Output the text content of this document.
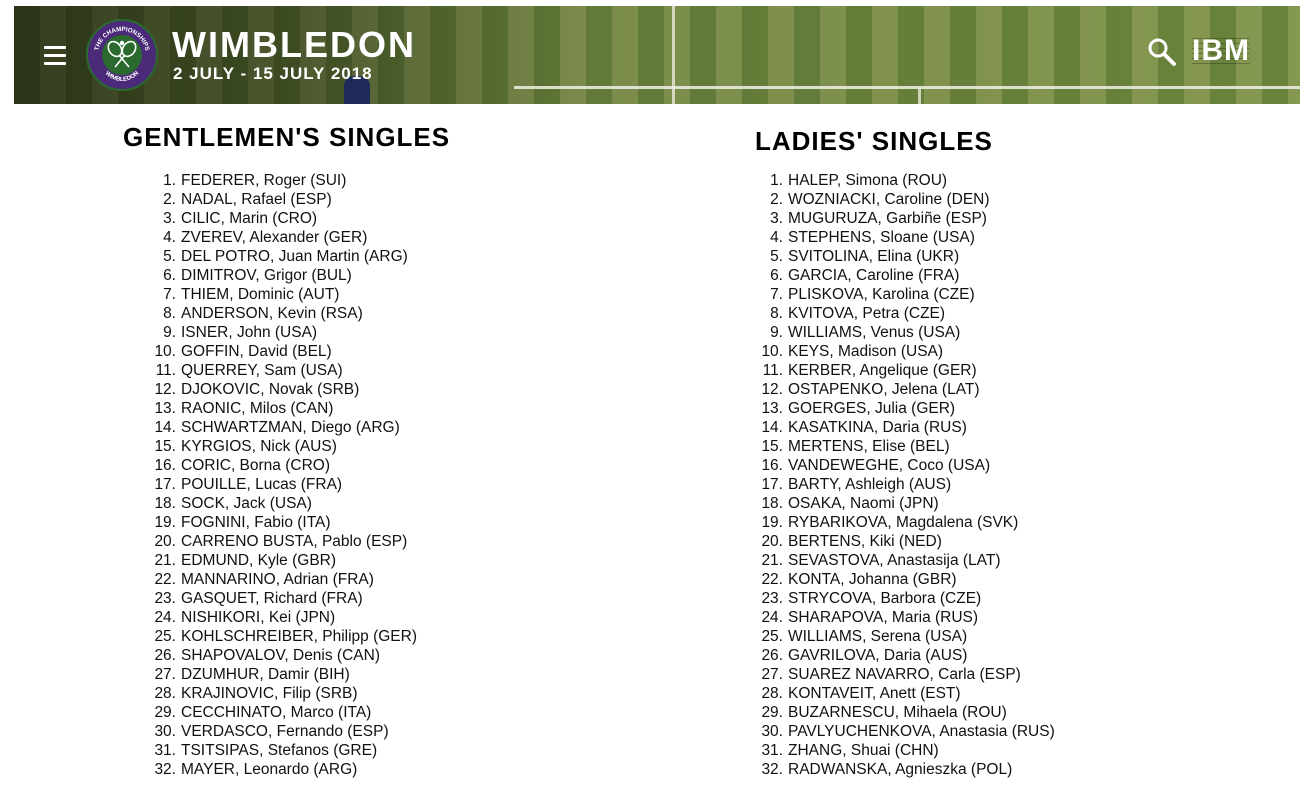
THE CHAMPIONSHIPS
WIMBLEDON
WIMBLEDON
2 JULY - 15 JULY 2018
IBM
GENTLEMEN'S SINGLES	LADIES' SINGLES
1. FEDERER, Roger (SUI)
2. NADAL, Rafael (ESP)
3. CILIC, Marin (CRO)
4. ZVEREV, Alexander (GER)
5. DEL POTRO, Juan Martin (ARG)
6. DIMITROV, Grigor (BUL)
7. THIEM, Dominic (AUT)
8. ANDERSON, Kevin (RSA)
9. ISNER, John (USA)
10. GOFFIN, David (BEL)
11. QUERREY, Sam (USA)
12. DJOKOVIC, Novak (SRB)
13. RAONIC, Milos (CAN)
14. SCHWARTZMAN, Diego (ARG)
15. KYRGIOS, Nick (AUS)
16. CORIC, Borna (CRO)
17. POUILLE, Lucas (FRA)
18. SOCK, Jack (USA)
19. FOGNINI, Fabio (ITA)
20. CARRENO BUSTA, Pablo (ESP)
21. EDMUND, Kyle (GBR)
22. MANNARINO, Adrian (FRA)
23. GASQUET, Richard (FRA)
24. NISHIKORI, Kei (JPN)
25. KOHLSCHREIBER, Philipp (GER)
26. SHAPOVALOV, Denis (CAN)
27. DZUMHUR, Damir (BIH)
28. KRAJINOVIC, Filip (SRB)
29. CECCHINATO, Marco (ITA)
30. VERDASCO, Fernando (ESP)
31. TSITSIPAS, Stefanos (GRE)
32. MAYER, Leonardo (ARG)
1. HALEP, Simona (ROU)
2. WOZNIACKI, Caroline (DEN)
3. MUGURUZA, Garbiñe (ESP)
4. STEPHENS, Sloane (USA)
5. SVITOLINA, Elina (UKR)
6. GARCIA, Caroline (FRA)
7. PLISKOVA, Karolina (CZE)
8. KVITOVA, Petra (CZE)
9. WILLIAMS, Venus (USA)
10. KEYS, Madison (USA)
11. KERBER, Angelique (GER)
12. OSTAPENKO, Jelena (LAT)
13. GOERGES, Julia (GER)
14. KASATKINA, Daria (RUS)
15. MERTENS, Elise (BEL)
16. VANDEWEGHE, Coco (USA)
17. BARTY, Ashleigh (AUS)
18. OSAKA, Naomi (JPN)
19. RYBARIKOVA, Magdalena (SVK)
20. BERTENS, Kiki (NED)
21. SEVASTOVA, Anastasija (LAT)
22. KONTA, Johanna (GBR)
23. STRYCOVA, Barbora (CZE)
24. SHARAPOVA, Maria (RUS)
25. WILLIAMS, Serena (USA)
26. GAVRILOVA, Daria (AUS)
27. SUAREZ NAVARRO, Carla (ESP)
28. KONTAVEIT, Anett (EST)
29. BUZARNESCU, Mihaela (ROU)
30. PAVLYUCHENKOVA, Anastasia (RUS)
31. ZHANG, Shuai (CHN)
32. RADWANSKA, Agnieszka (POL)
